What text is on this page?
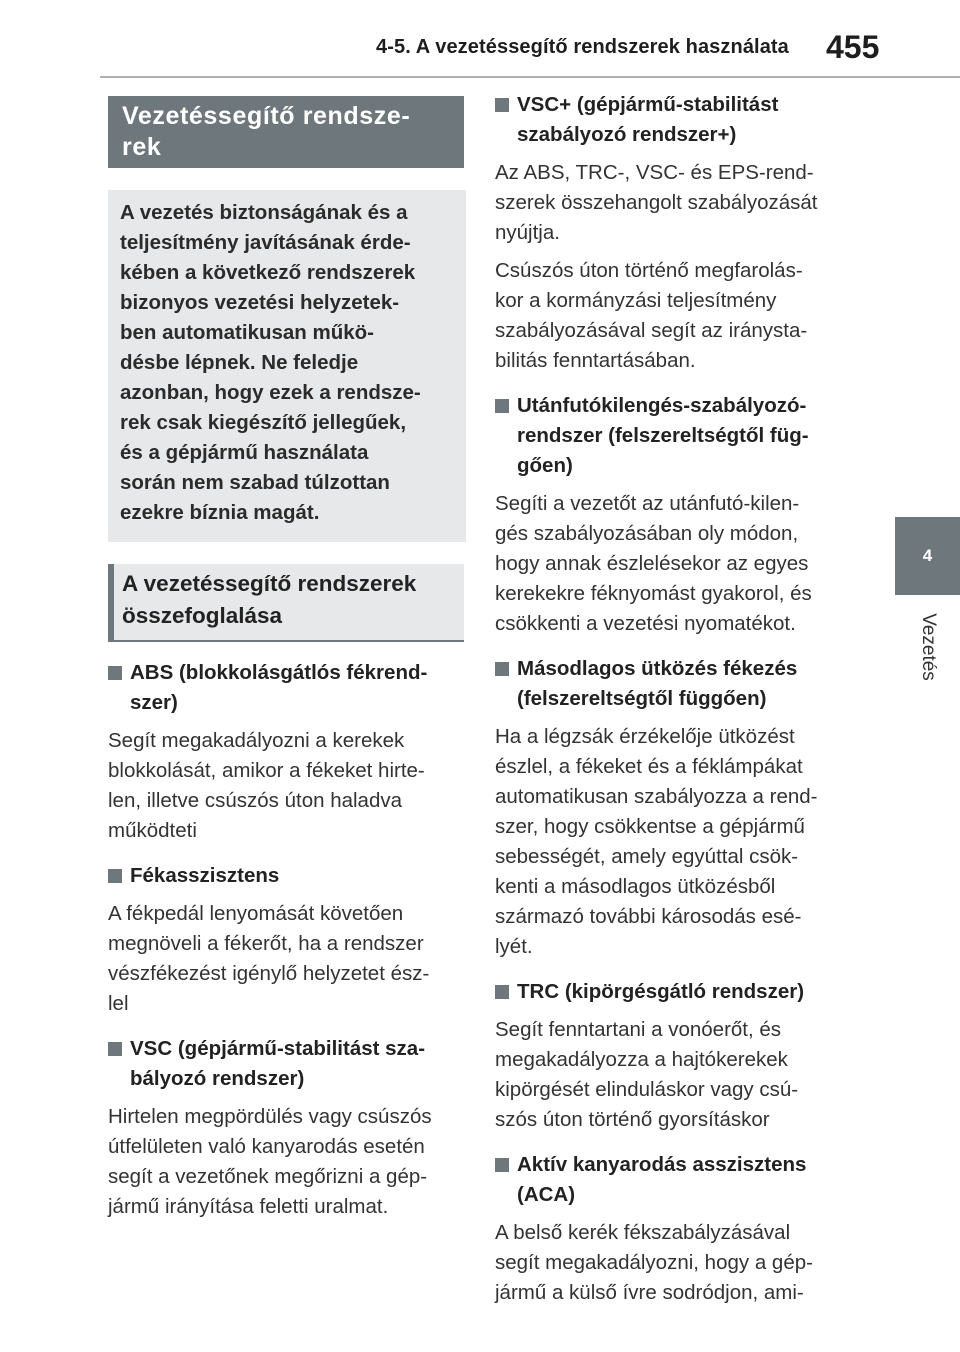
4-5. A vezetéssegítő rendszerek használata 455
4
Vezetés
Vezetéssegítő rendsze-
rek
A vezetés biztonságának és a
teljesítmény javításának érde-
kében a következő rendszerek
bizonyos vezetési helyzetek-
ben automatikusan műkö-
désbe lépnek. Ne feledje
azonban, hogy ezek a rendsze-
rek csak kiegészítő jellegűek,
és a gépjármű használata
során nem szabad túlzottan
ezekre bíznia magát.
A vezetéssegítő rendszerek
összefoglalása
ABS (blokkolásgátlós fékrend-
szer)
Segít megakadályozni a kerekek
blokkolását, amikor a fékeket hirte-
len, illetve csúszós úton haladva
működteti
Fékasszisztens
A fékpedál lenyomását követően
megnöveli a fékerőt, ha a rendszer
vészfékezést igénylő helyzetet ész-
lel
VSC (gépjármű-stabilitást sza-
bályozó rendszer)
Hirtelen megpördülés vagy csúszós
útfelületen való kanyarodás esetén
segít a vezetőnek megőrizni a gép-
jármű irányítása feletti uralmat.
VSC+ (gépjármű-stabilitást
szabályozó rendszer+)
Az ABS, TRC-, VSC- és EPS-rend-
szerek összehangolt szabályozását
nyújtja.
Csúszós úton történő megfarolás-
kor a kormányzási teljesítmény
szabályozásával segít az iránysta-
bilitás fenntartásában.
Utánfutókilengés-szabályozó-
rendszer (felszereltségtől füg-
gően)
Segíti a vezetőt az utánfutó-kilen-
gés szabályozásában oly módon,
hogy annak észlelésekor az egyes
kerekekre féknyomást gyakorol, és
csökkenti a vezetési nyomatékot.
Másodlagos ütközés fékezés
(felszereltségtől függően)
Ha a légzsák érzékelője ütközést
észlel, a fékeket és a féklámpákat
automatikusan szabályozza a rend-
szer, hogy csökkentse a gépjármű
sebességét, amely egyúttal csök-
kenti a másodlagos ütközésből
származó további károsodás esé-
lyét.
TRC (kipörgésgátló rendszer)
Segít fenntartani a vonóerőt, és
megakadályozza a hajtókerekek
kipörgését elinduláskor vagy csú-
szós úton történő gyorsításkor
Aktív kanyarodás asszisztens
(ACA)
A belső kerék fékszabályzásával
segít megakadályozni, hogy a gép-
jármű a külső ívre sodródjon, ami-
